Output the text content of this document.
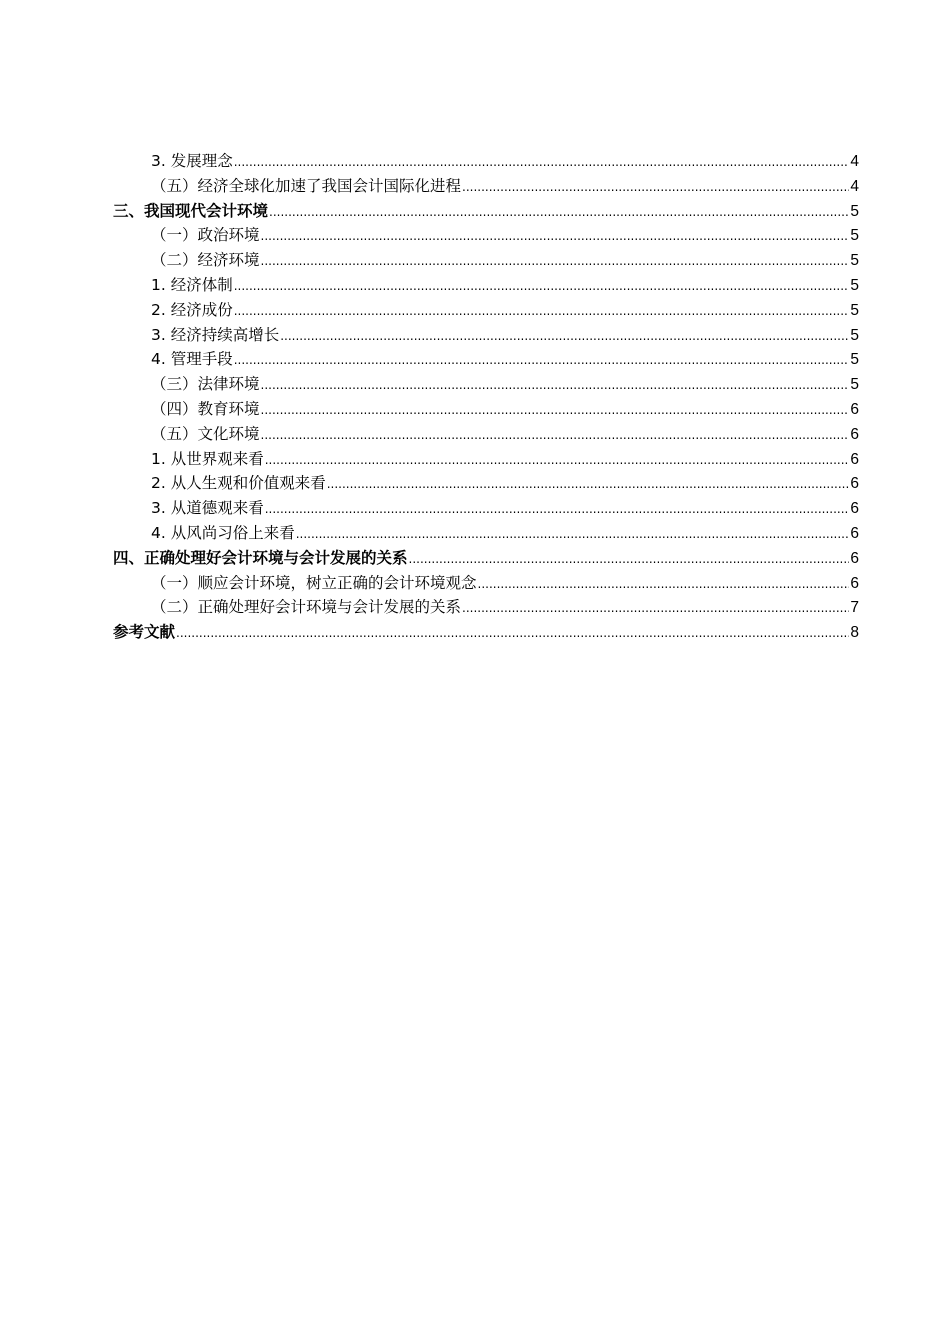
3. 发展理念 .....	4
（五）经济全球化加速了我国会计国际化进程 .....	4
三、我国现代会计环境 .....	5
（一）政治环境 .....	5
（二）经济环境 .....	5
1. 经济体制 .....	5
2. 经济成份 .....	5
3. 经济持续高增长 .....	5
4. 管理手段 .....	5
（三）法律环境 .....	5
（四）教育环境 .....	6
（五）文化环境 .....	6
1. 从世界观来看 .....	6
2. 从人生观和价值观来看 .....	6
3. 从道德观来看 .....	6
4. 从风尚习俗上来看 .....	6
四、正确处理好会计环境与会计发展的关系 .....	6
（一）顺应会计环境，树立正确的会计环境观念 .....	6
（二）正确处理好会计环境与会计发展的关系 .....	7
参考文献 .....	8
